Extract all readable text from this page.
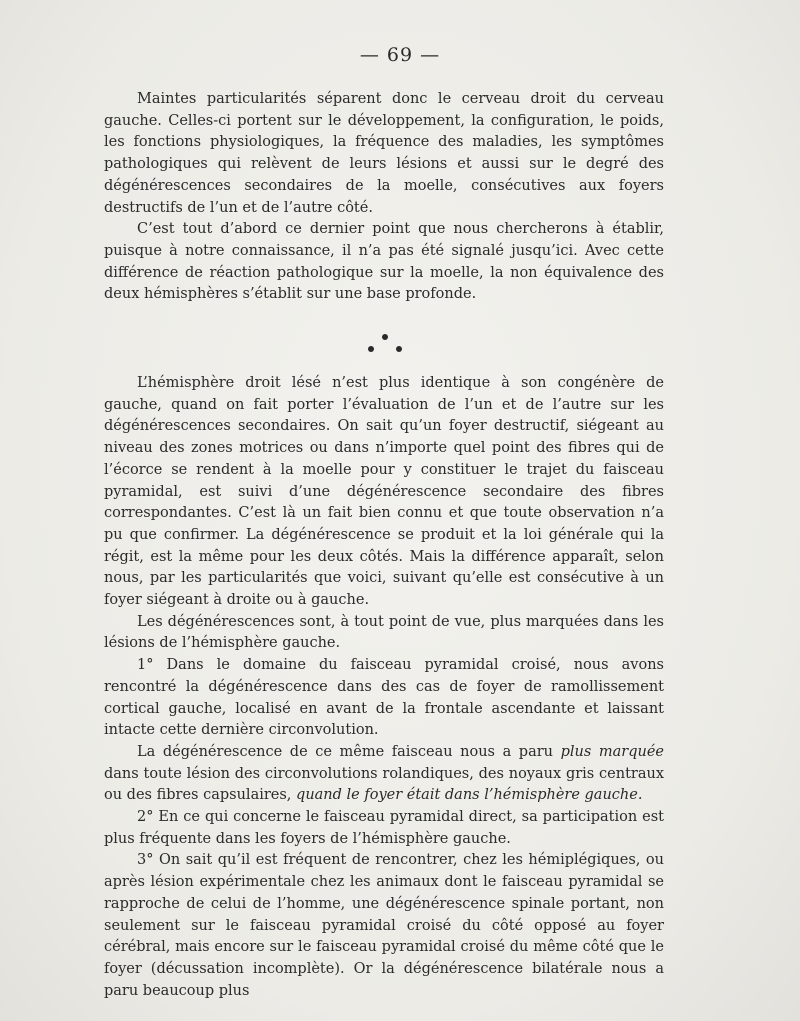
— 69 —

Maintes particularités séparent donc le cerveau droit du cerveau gauche. Celles-ci portent sur le développement, la configuration, le poids, les fonctions physiologiques, la fréquence des maladies, les symptômes pathologiques qui relèvent de leurs lésions et aussi sur le degré des dégénérescences secondaires de la moelle, consécutives aux foyers destructifs de l’un et de l’autre côté.

C’est tout d’abord ce dernier point que nous chercherons à établir, puisque à notre connaissance, il n’a pas été signalé jusqu’ici. Avec cette différence de réaction pathologique sur la moelle, la non équivalence des deux hémisphères s’établit sur une base profonde.

L’hémisphère droit lésé n’est plus identique à son congénère de gauche, quand on fait porter l’évaluation de l’un et de l’autre sur les dégénérescences secondaires. On sait qu’un foyer destructif, siégeant au niveau des zones motrices ou dans n’importe quel point des fibres qui de l’écorce se rendent à la moelle pour y constituer le trajet du faisceau pyramidal, est suivi d’une dégénérescence secondaire des fibres correspondantes. C’est là un fait bien connu et que toute observation n’a pu que confirmer. La dégénérescence se produit et la loi générale qui la régit, est la même pour les deux côtés. Mais la différence apparaît, selon nous, par les particularités que voici, suivant qu’elle est consécutive à un foyer siégeant à droite ou à gauche.

Les dégénérescences sont, à tout point de vue, plus marquées dans les lésions de l’hémisphère gauche.

1° Dans le domaine du faisceau pyramidal croisé, nous avons rencontré la dégénérescence dans des cas de foyer de ramollissement cortical gauche, localisé en avant de la frontale ascendante et laissant intacte cette dernière circonvolution.

La dégénérescence de ce même faisceau nous a paru plus marquée dans toute lésion des circonvolutions rolandiques, des noyaux gris centraux ou des fibres capsulaires, quand le foyer était dans l’hémisphère gauche.

2° En ce qui concerne le faisceau pyramidal direct, sa participation est plus fréquente dans les foyers de l’hémisphère gauche.

3° On sait qu’il est fréquent de rencontrer, chez les hémiplégiques, ou après lésion expérimentale chez les animaux dont le faisceau pyramidal se rapproche de celui de l’homme, une dégénérescence spinale portant, non seulement sur le faisceau pyramidal croisé du côté opposé au foyer cérébral, mais encore sur le faisceau pyramidal croisé du même côté que le foyer (décussation incomplète). Or la dégénérescence bilatérale nous a paru beaucoup plus
